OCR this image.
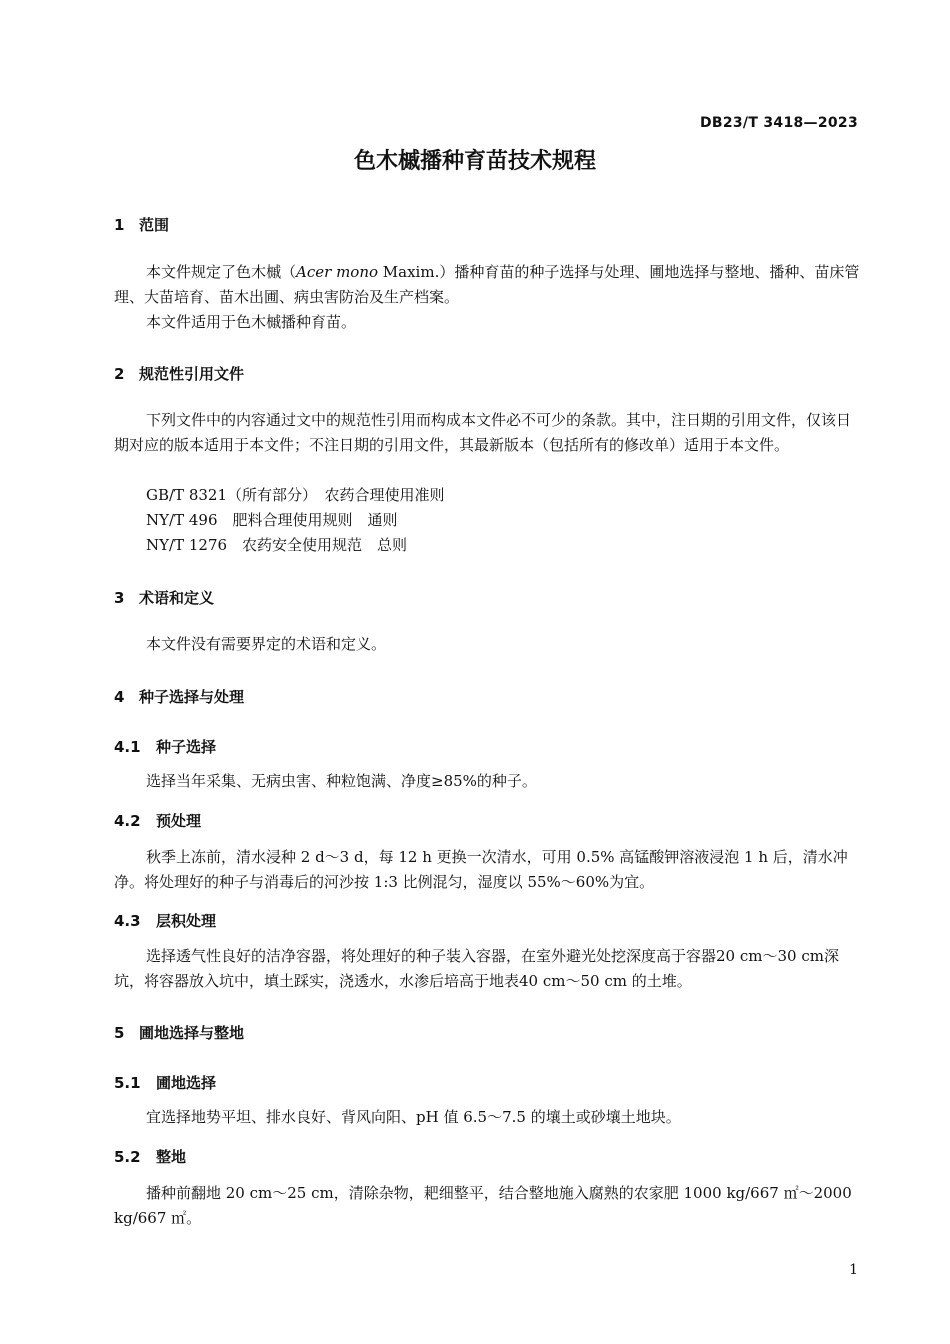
DB23/T 3418—2023
色木槭播种育苗技术规程
1 范围
本文件规定了色木槭（Acer mono Maxim.）播种育苗的种子选择与处理、圃地选择与整地、播种、苗床管理、大苗培育、苗木出圃、病虫害防治及生产档案。
本文件适用于色木槭播种育苗。
2 规范性引用文件
下列文件中的内容通过文中的规范性引用而构成本文件必不可少的条款。其中，注日期的引用文件，仅该日期对应的版本适用于本文件；不注日期的引用文件，其最新版本（包括所有的修改单）适用于本文件。
GB/T 8321（所有部分）　农药合理使用准则
NY/T 496　肥料合理使用规则　通则
NY/T 1276　农药安全使用规范　总则
3 术语和定义
本文件没有需要界定的术语和定义。
4 种子选择与处理
4.1 种子选择
选择当年采集、无病虫害、种粒饱满、净度≥85%的种子。
4.2 预处理
秋季上冻前，清水浸种 2 d～3 d，每 12 h 更换一次清水，可用 0.5% 高锰酸钾溶液浸泡 1 h 后，清水冲净。将处理好的种子与消毒后的河沙按 1:3 比例混匀，湿度以 55%～60%为宜。
4.3 层积处理
选择透气性良好的洁净容器，将处理好的种子装入容器，在室外避光处挖深度高于容器20 cm～30 cm深坑，将容器放入坑中，填土踩实，浇透水，水渗后培高于地表40 cm～50 cm 的土堆。
5 圃地选择与整地
5.1 圃地选择
宜选择地势平坦、排水良好、背风向阳、pH 值 6.5～7.5 的壤土或砂壤土地块。
5.2 整地
播种前翻地 20 cm～25 cm，清除杂物，耙细整平，结合整地施入腐熟的农家肥 1000 kg/667 ㎡～2000 kg/667 ㎡。
1
